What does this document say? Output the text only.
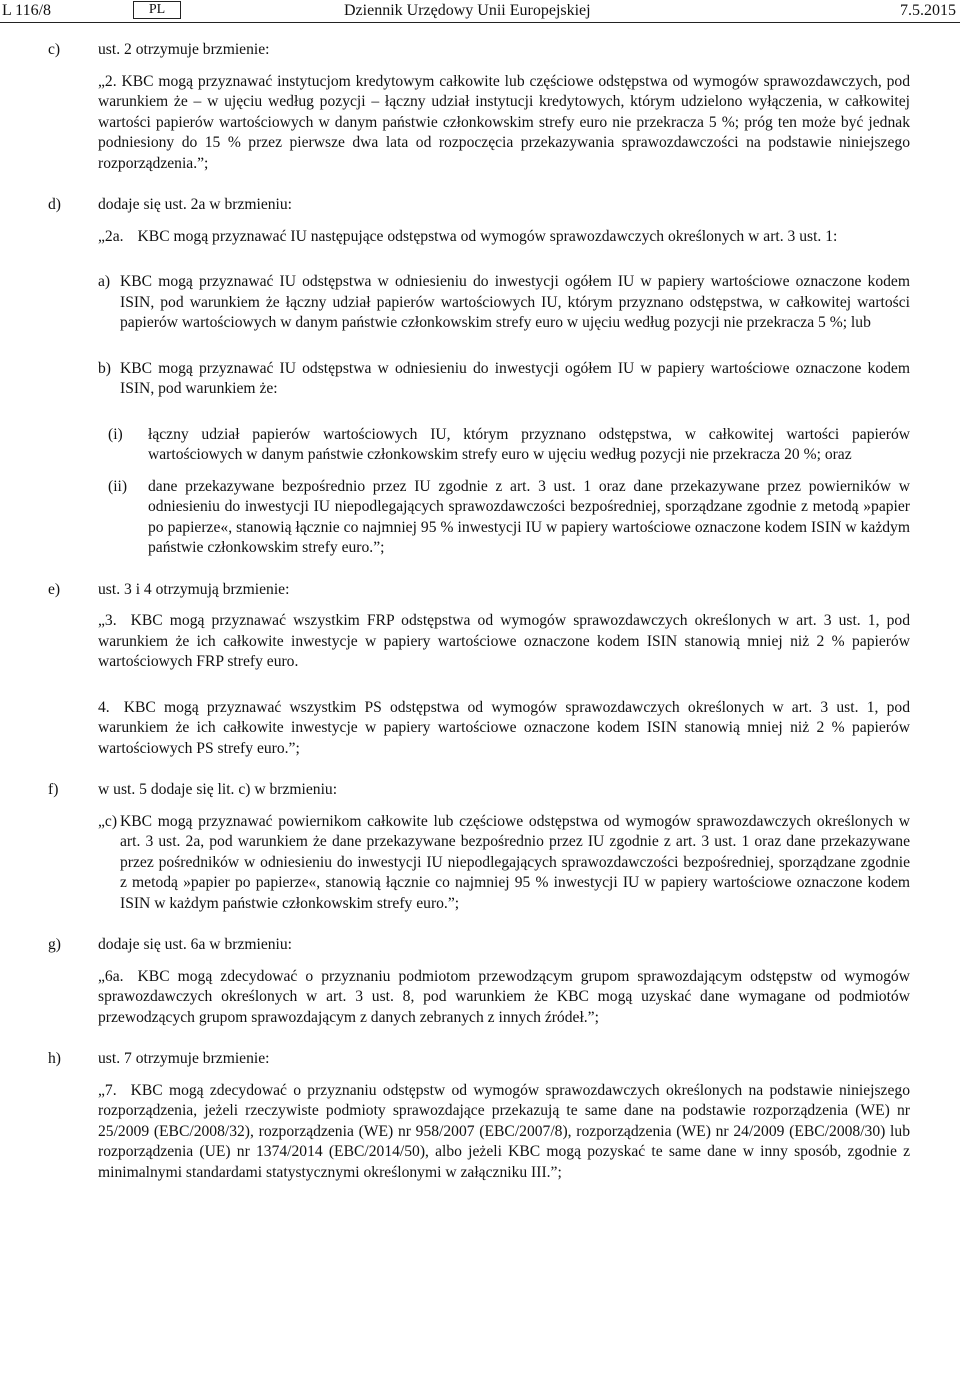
L 116/8	PL	Dziennik Urzędowy Unii Europejskiej	7.5.2015

c) ust. 2 otrzymuje brzmienie:

„2. KBC mogą przyznawać instytucjom kredytowym całkowite lub częściowe odstępstwa od wymogów sprawozdawczych, pod warunkiem że – w ujęciu według pozycji – łączny udział instytucji kredytowych, którym udzielono wyłączenia, w całkowitej wartości papierów wartościowych w danym państwie członkowskim strefy euro nie przekracza 5 %; próg ten może być jednak podniesiony do 15 % przez pierwsze dwa lata od rozpoczęcia przekazywania sprawozdawczości na podstawie niniejszego rozporządzenia.”;

d) dodaje się ust. 2a w brzmieniu:

„2a. KBC mogą przyznawać IU następujące odstępstwa od wymogów sprawozdawczych określonych w art. 3 ust. 1:

a) KBC mogą przyznawać IU odstępstwa w odniesieniu do inwestycji ogółem IU w papiery wartościowe oznaczone kodem ISIN, pod warunkiem że łączny udział papierów wartościowych IU, którym przyznano odstępstwa, w całkowitej wartości papierów wartościowych w danym państwie członkowskim strefy euro w ujęciu według pozycji nie przekracza 5 %; lub

b) KBC mogą przyznawać IU odstępstwa w odniesieniu do inwestycji ogółem IU w papiery wartościowe oznaczone kodem ISIN, pod warunkiem że:

(i) łączny udział papierów wartościowych IU, którym przyznano odstępstwa, w całkowitej wartości papierów wartościowych w danym państwie członkowskim strefy euro w ujęciu według pozycji nie przekracza 20 %; oraz

(ii) dane przekazywane bezpośrednio przez IU zgodnie z art. 3 ust. 1 oraz dane przekazywane przez powierników w odniesieniu do inwestycji IU niepodlegających sprawozdawczości bezpośredniej, sporządzane zgodnie z metodą »papier po papierze«, stanowią łącznie co najmniej 95 % inwestycji IU w papiery wartościowe oznaczone kodem ISIN w każdym państwie członkowskim strefy euro.”;

e) ust. 3 i 4 otrzymują brzmienie:

„3. KBC mogą przyznawać wszystkim FRP odstępstwa od wymogów sprawozdawczych określonych w art. 3 ust. 1, pod warunkiem że ich całkowite inwestycje w papiery wartościowe oznaczone kodem ISIN stanowią mniej niż 2 % papierów wartościowych FRP strefy euro.

4. KBC mogą przyznawać wszystkim PS odstępstwa od wymogów sprawozdawczych określonych w art. 3 ust. 1, pod warunkiem że ich całkowite inwestycje w papiery wartościowe oznaczone kodem ISIN stanowią mniej niż 2 % papierów wartościowych PS strefy euro.”;

f)	w ust. 5 dodaje się lit. c) w brzmieniu:

„c) KBC mogą przyznawać powiernikom całkowite lub częściowe odstępstwa od wymogów sprawozdawczych określonych w art. 3 ust. 2a, pod warunkiem że dane przekazywane bezpośrednio przez IU zgodnie z art. 3 ust. 1 oraz dane przekazywane przez pośredników w odniesieniu do inwestycji IU niepodlegających sprawozdawczości bezpośredniej, sporządzane zgodnie z metodą »papier po papierze«, stanowią łącznie co najmniej 95 % inwestycji IU w papiery wartościowe oznaczone kodem ISIN w każdym państwie członkowskim strefy euro.”;

g) dodaje się ust. 6a w brzmieniu:

„6a. KBC mogą zdecydować o przyznaniu podmiotom przewodzącym grupom sprawozdającym odstępstw od wymogów sprawozdawczych określonych w art. 3 ust. 8, pod warunkiem że KBC mogą uzyskać dane wymagane od podmiotów przewodzących grupom sprawozdającym z danych zebranych z innych źródeł.”;

h) ust. 7 otrzymuje brzmienie:

„7. KBC mogą zdecydować o przyznaniu odstępstw od wymogów sprawozdawczych określonych na podstawie niniejszego rozporządzenia, jeżeli rzeczywiste podmioty sprawozdające przekazują te same dane na podstawie rozporządzenia (WE) nr 25/2009 (EBC/2008/32), rozporządzenia (WE) nr 958/2007 (EBC/2007/8), rozporządzenia (WE) nr 24/2009 (EBC/2008/30) lub rozporządzenia (UE) nr 1374/2014 (EBC/2014/50), albo jeżeli KBC mogą pozyskać te same dane w inny sposób, zgodnie z minimalnymi standardami statystycznymi określonymi w załączniku III.”;
